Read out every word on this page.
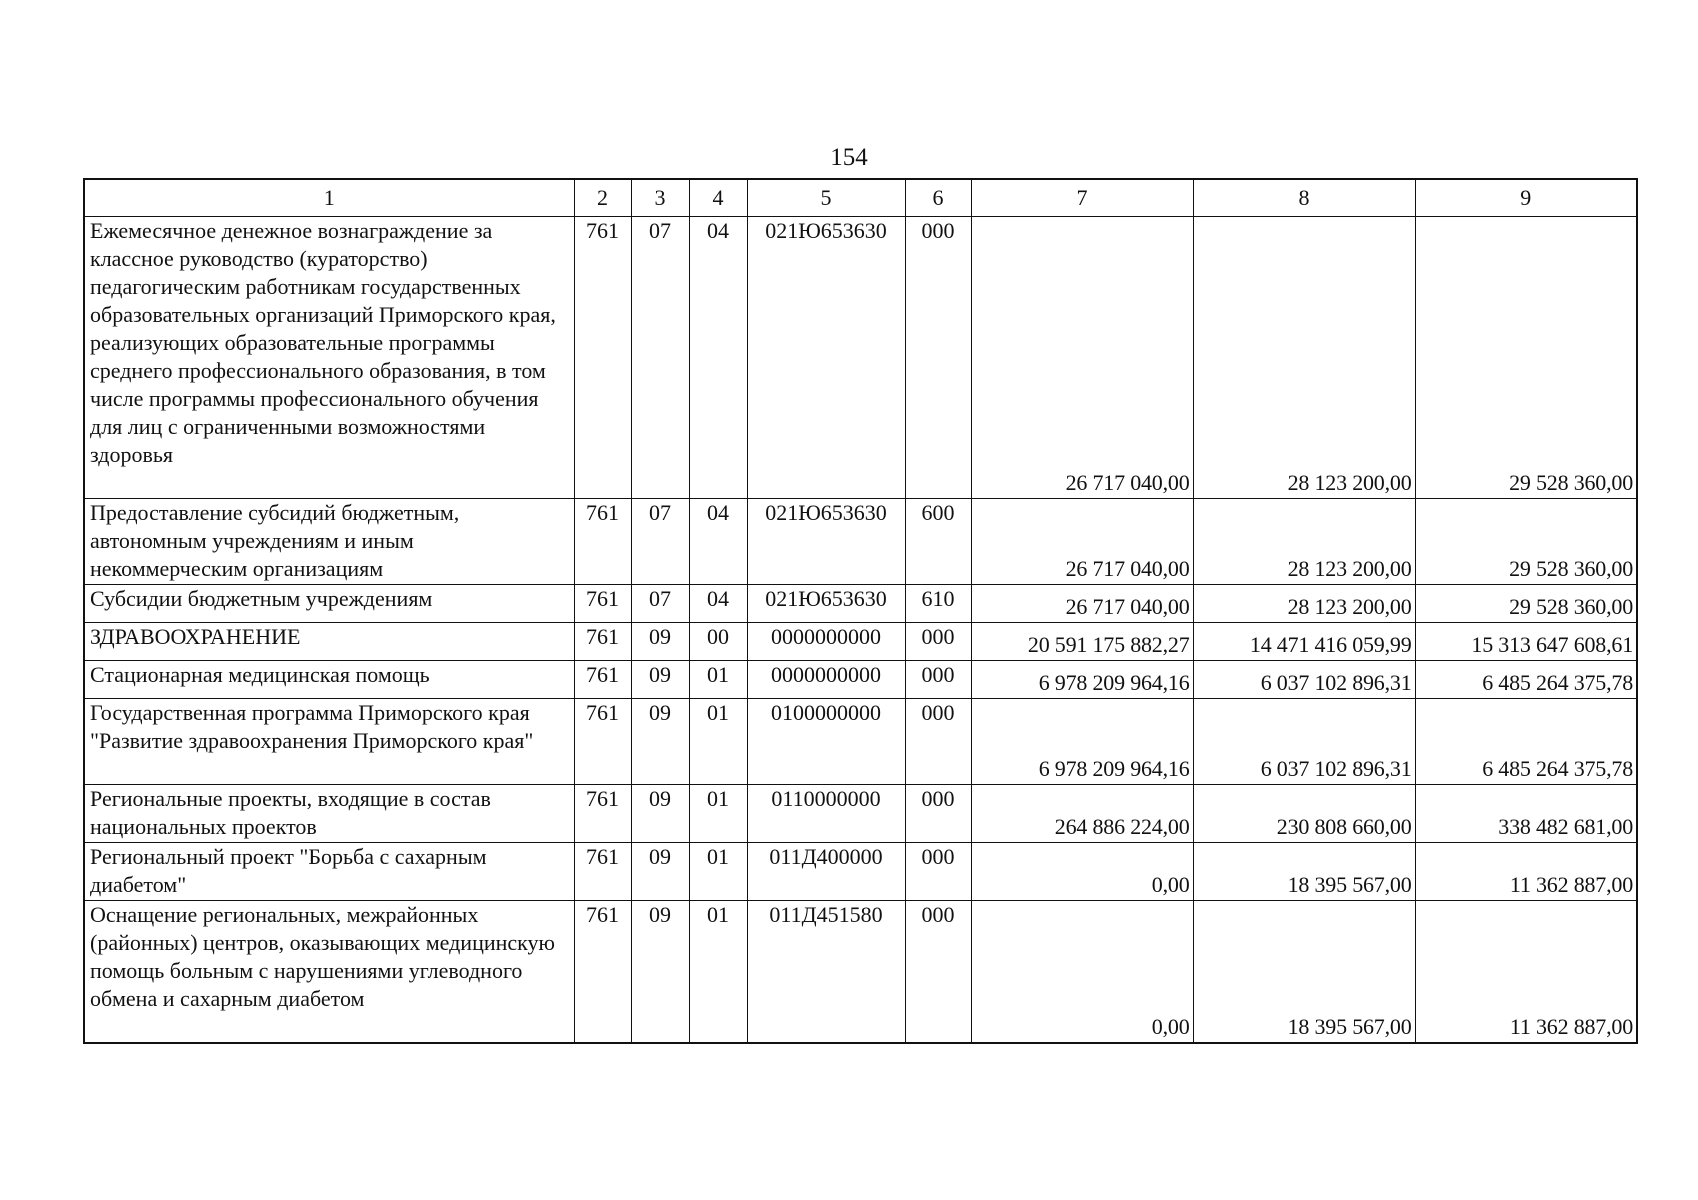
154
1	2	3	4	5	6	7	8	9
Ежемесячное денежное вознаграждение за классное руководство (кураторство) педагогическим работникам государственных образовательных организаций Приморского края, реализующих образовательные программы среднего профессионального образования, в том числе программы профессионального обучения для лиц с ограниченными возможностями здоровья	761	07	04	021Ю653630	000	26 717 040,00	28 123 200,00	29 528 360,00
Предоставление субсидий бюджетным, автономным учреждениям и иным некоммерческим организациям	761	07	04	021Ю653630	600	26 717 040,00	28 123 200,00	29 528 360,00
Субсидии бюджетным учреждениям	761	07	04	021Ю653630	610	26 717 040,00	28 123 200,00	29 528 360,00
ЗДРАВООХРАНЕНИЕ	761	09	00	0000000000	000	20 591 175 882,27	14 471 416 059,99	15 313 647 608,61
Стационарная медицинская помощь	761	09	01	0000000000	000	6 978 209 964,16	6 037 102 896,31	6 485 264 375,78
Государственная программа Приморского края "Развитие здравоохранения Приморского края"	761	09	01	0100000000	000	6 978 209 964,16	6 037 102 896,31	6 485 264 375,78
Региональные проекты, входящие в состав национальных проектов	761	09	01	0110000000	000	264 886 224,00	230 808 660,00	338 482 681,00
Региональный проект "Борьба с сахарным диабетом"	761	09	01	011Д400000	000	0,00	18 395 567,00	11 362 887,00
Оснащение региональных, межрайонных (районных) центров, оказывающих медицинскую помощь больным с нарушениями углеводного обмена и сахарным диабетом	761	09	01	011Д451580	000	0,00	18 395 567,00	11 362 887,00
